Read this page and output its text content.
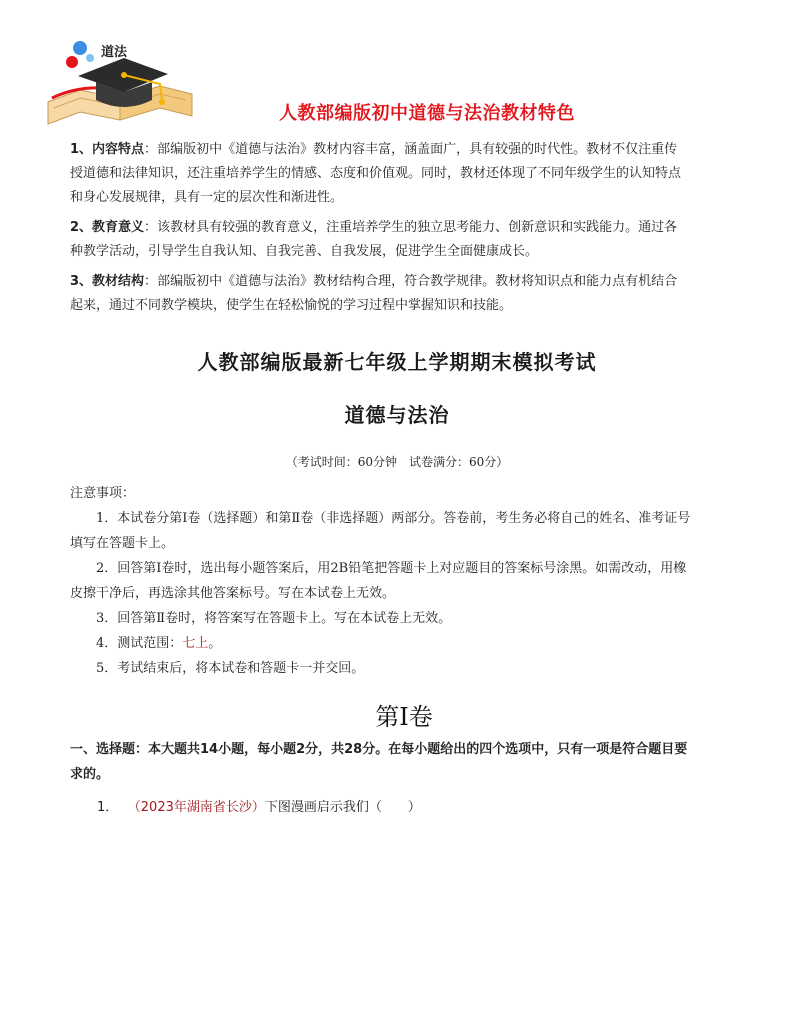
道法
人教部编版初中道德与法治教材特色

1、内容特点：部编版初中《道德与法治》教材内容丰富，涵盖面广，具有较强的时代性。教材不仅注重传授道德和法律知识，还注重培养学生的情感、态度和价值观。同时，教材还体现了不同年级学生的认知特点和身心发展规律，具有一定的层次性和渐进性。

2、教育意义：该教材具有较强的教育意义，注重培养学生的独立思考能力、创新意识和实践能力。通过各种教学活动，引导学生自我认知、自我完善、自我发展，促进学生全面健康成长。

3、教材结构：部编版初中《道德与法治》教材结构合理，符合教学规律。教材将知识点和能力点有机结合起来，通过不同教学模块，使学生在轻松愉悦的学习过程中掌握知识和技能。

人教部编版最新七年级上学期期末模拟考试
道德与法治
（考试时间：60分钟　试卷满分：60分）

注意事项：

1．本试卷分第Ⅰ卷（选择题）和第Ⅱ卷（非选择题）两部分。答卷前，考生务必将自己的姓名、准考证号填写在答题卡上。

2．回答第Ⅰ卷时，选出每小题答案后，用2B铅笔把答题卡上对应题目的答案标号涂黑。如需改动，用橡皮擦干净后，再选涂其他答案标号。写在本试卷上无效。

3．回答第Ⅱ卷时，将答案写在答题卡上。写在本试卷上无效。

4．测试范围：七上。

5．考试结束后，将本试卷和答题卡一并交回。

第Ⅰ卷
一、选择题：本大题共14小题，每小题2分，共28分。在每小题给出的四个选项中，只有一项是符合题目要求的。
1． （2023年湖南省长沙）下图漫画启示我们（　　）
